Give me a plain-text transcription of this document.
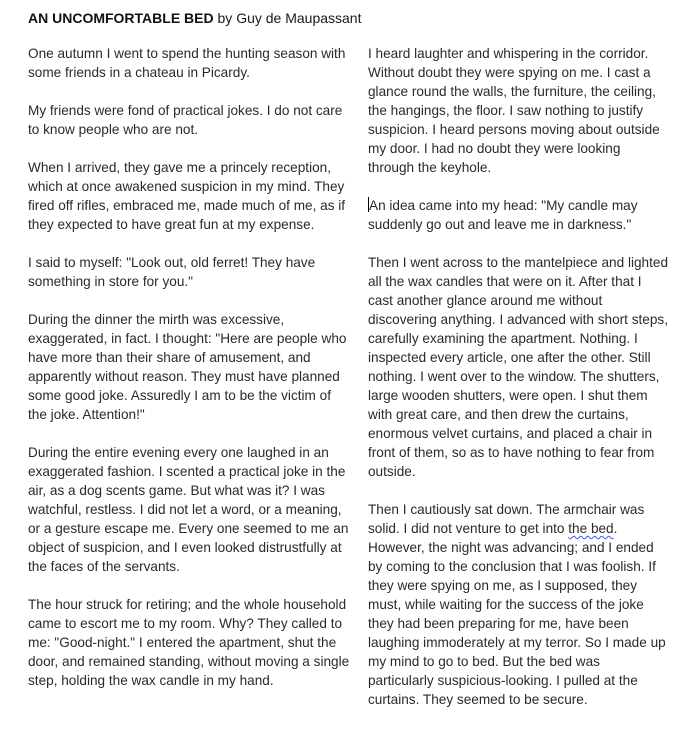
AN UNCOMFORTABLE BED by Guy de Maupassant

One autumn I went to spend the hunting season with some friends in a chateau in Picardy.

My friends were fond of practical jokes. I do not care to know people who are not.

When I arrived, they gave me a princely reception, which at once awakened suspicion in my mind. They fired off rifles, embraced me, made much of me, as if they expected to have great fun at my expense.

I said to myself: "Look out, old ferret! They have something in store for you."

During the dinner the mirth was excessive, exaggerated, in fact. I thought: "Here are people who have more than their share of amusement, and apparently without reason. They must have planned some good joke. Assuredly I am to be the victim of the joke. Attention!"

During the entire evening every one laughed in an exaggerated fashion. I scented a practical joke in the air, as a dog scents game. But what was it? I was watchful, restless. I did not let a word, or a meaning, or a gesture escape me. Every one seemed to me an object of suspicion, and I even looked distrustfully at the faces of the servants.

The hour struck for retiring; and the whole household came to escort me to my room. Why? They called to me: "Good-night." I entered the apartment, shut the door, and remained standing, without moving a single step, holding the wax candle in my hand.

I heard laughter and whispering in the corridor. Without doubt they were spying on me. I cast a glance round the walls, the furniture, the ceiling, the hangings, the floor. I saw nothing to justify suspicion. I heard persons moving about outside my door. I had no doubt they were looking through the keyhole.

An idea came into my head: "My candle may suddenly go out and leave me in darkness."

Then I went across to the mantelpiece and lighted all the wax candles that were on it. After that I cast another glance around me without discovering anything. I advanced with short steps, carefully examining the apartment. Nothing. I inspected every article, one after the other. Still nothing. I went over to the window. The shutters, large wooden shutters, were open. I shut them with great care, and then drew the curtains, enormous velvet curtains, and placed a chair in front of them, so as to have nothing to fear from outside.

Then I cautiously sat down. The armchair was solid. I did not venture to get into the bed. However, the night was advancing; and I ended by coming to the conclusion that I was foolish. If they were spying on me, as I supposed, they must, while waiting for the success of the joke they had been preparing for me, have been laughing immoderately at my terror. So I made up my mind to go to bed. But the bed was particularly suspicious-looking. I pulled at the curtains. They seemed to be secure.
